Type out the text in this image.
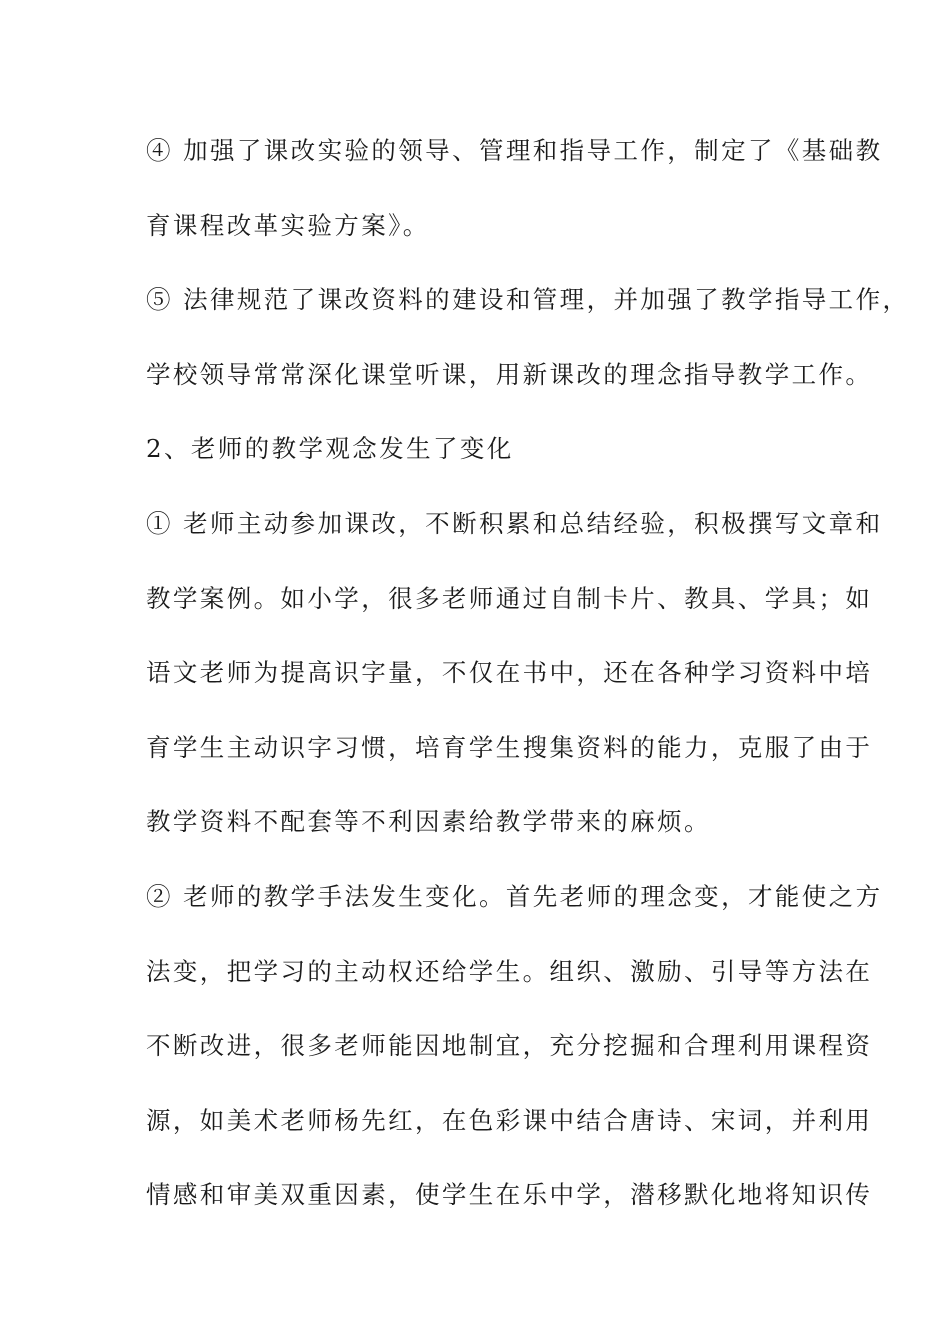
④ 加强了课改实验的领导、管理和指导工作，制定了《基础教
育课程改革实验方案》。
⑤ 法律规范了课改资料的建设和管理，并加强了教学指导工作，
学校领导常常深化课堂听课，用新课改的理念指导教学工作。
2、老师的教学观念发生了变化
① 老师主动参加课改，不断积累和总结经验，积极撰写文章和
教学案例。如小学，很多老师通过自制卡片、教具、学具；如
语文老师为提高识字量，不仅在书中，还在各种学习资料中培
育学生主动识字习惯，培育学生搜集资料的能力，克服了由于
教学资料不配套等不利因素给教学带来的麻烦。
② 老师的教学手法发生变化。首先老师的理念变，才能使之方
法变，把学习的主动权还给学生。组织、激励、引导等方法在
不断改进，很多老师能因地制宜，充分挖掘和合理利用课程资
源，如美术老师杨先红，在色彩课中结合唐诗、宋词，并利用
情感和审美双重因素，使学生在乐中学，潜移默化地将知识传
